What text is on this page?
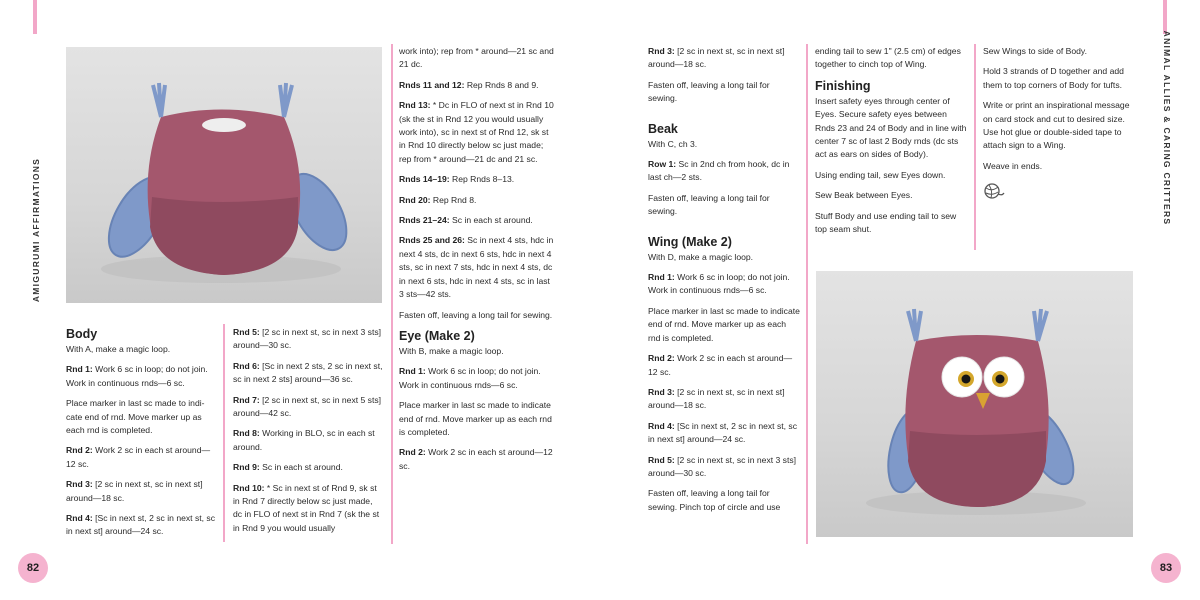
AMIGURUMI AFFIRMATIONS
ANIMAL ALLIES & CARING CRITTERS
Body

With A, make a magic loop.

Rnd 1: Work 6 sc in loop; do not join. Work in continuous rnds—6 sc.

Place marker in last sc made to indicate end of rnd. Move marker up as each rnd is completed.

Rnd 2: Work 2 sc in each st around—12 sc.

Rnd 3: [2 sc in next st, sc in next st] around—18 sc.

Rnd 4: [Sc in next st, 2 sc in next st, sc in next st] around—24 sc.

Rnd 5: [2 sc in next st, sc in next 3 sts] around—30 sc.

Rnd 6: [Sc in next 2 sts, 2 sc in next st, sc in next 2 sts] around—36 sc.

Rnd 7: [2 sc in next st, sc in next 5 sts] around—42 sc.

Rnd 8: Working in BLO, sc in each st around.

Rnd 9: Sc in each st around.

Rnd 10: * Sc in next st of Rnd 9, sk st in Rnd 7 directly below sc just made, dc in FLO of next st in Rnd 7 (sk the st in Rnd 9 you would usually

work into); rep from * around—21 sc and 21 dc.

Rnds 11 and 12: Rep Rnds 8 and 9.

Rnd 13: * Dc in FLO of next st in Rnd 10 (sk the st in Rnd 12 you would usually work into), sc in next st of Rnd 12, sk st in Rnd 10 directly below sc just made; rep from * around—21 dc and 21 sc.

Rnds 14–19: Rep Rnds 8–13.

Rnd 20: Rep Rnd 8.

Rnds 21–24: Sc in each st around.

Rnds 25 and 26: Sc in next 4 sts, hdc in next 4 sts, dc in next 6 sts, hdc in next 4 sts, sc in next 7 sts, hdc in next 4 sts, dc in next 6 sts, hdc in next 4 sts, sc in last 3 sts—42 sts.

Fasten off, leaving a long tail for sewing.

Eye (Make 2)

With B, make a magic loop.

Rnd 1: Work 6 sc in loop; do not join. Work in continuous rnds—6 sc.

Place marker in last sc made to indicate end of rnd. Move marker up as each rnd is completed.

Rnd 2: Work 2 sc in each st around—12 sc.

Rnd 3: [2 sc in next st, sc in next st] around—18 sc.

Fasten off, leaving a long tail for sewing.

Beak

With C, ch 3.

Row 1: Sc in 2nd ch from hook, dc in last ch—2 sts.

Fasten off, leaving a long tail for sewing.

Wing (Make 2)

With D, make a magic loop.

Rnd 1: Work 6 sc in loop; do not join. Work in continuous rnds—6 sc.

Place marker in last sc made to indicate end of rnd. Move marker up as each rnd is completed.

Rnd 2: Work 2 sc in each st around—12 sc.

Rnd 3: [2 sc in next st, sc in next st] around—18 sc.

Rnd 4: [Sc in next st, 2 sc in next st, sc in next st] around—24 sc.

Rnd 5: [2 sc in next st, sc in next 3 sts] around—30 sc.

Fasten off, leaving a long tail for sewing. Pinch top of circle and use

ending tail to sew 1" (2.5 cm) of edges together to cinch top of Wing.

Finishing

Insert safety eyes through center of Eyes. Secure safety eyes between Rnds 23 and 24 of Body and in line with center 7 sc of last 2 Body rnds (dc sts act as ears on sides of Body).

Using ending tail, sew Eyes down.

Sew Beak between Eyes.

Stuff Body and use ending tail to sew top seam shut.

Sew Wings to side of Body.

Hold 3 strands of D together and add them to top corners of Body for tufts.

Write or print an inspirational message on card stock and cut to desired size. Use hot glue or double-sided tape to attach sign to a Wing.

Weave in ends.

82	83
